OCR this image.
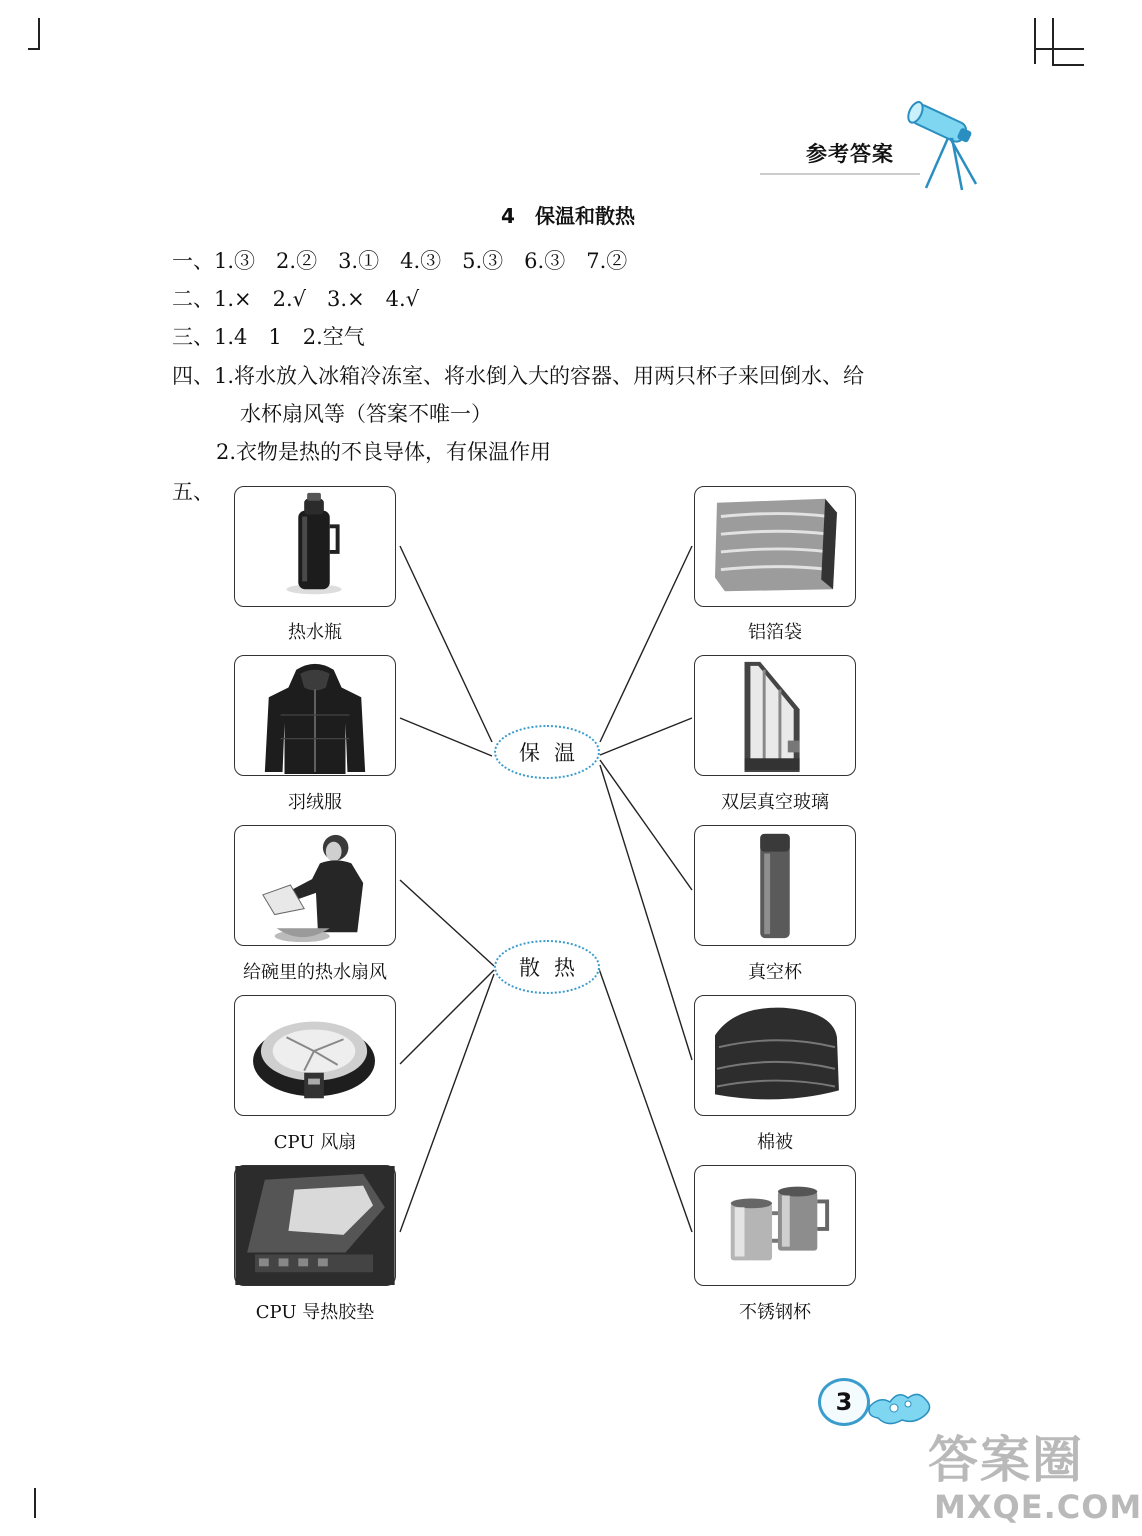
参考答案
4　保温和散热
一、1.③　2.②　3.①　4.③　5.③　6.③　7.②
二、1.×　2.√　3.×　4.√
三、1.4　1　2.空气
四、1.将水放入冰箱冷冻室、将水倒入大的容器、用两只杯子来回倒水、给
水杯扇风等（答案不唯一）
2.衣物是热的不良导体，有保温作用
五、
热水瓶
羽绒服
给碗里的热水扇风
CPU 风扇
CPU 导热胶垫
保温
散热
铝箔袋
双层真空玻璃
真空杯
棉被
不锈钢杯
3
答案圈
MXQE.COM
